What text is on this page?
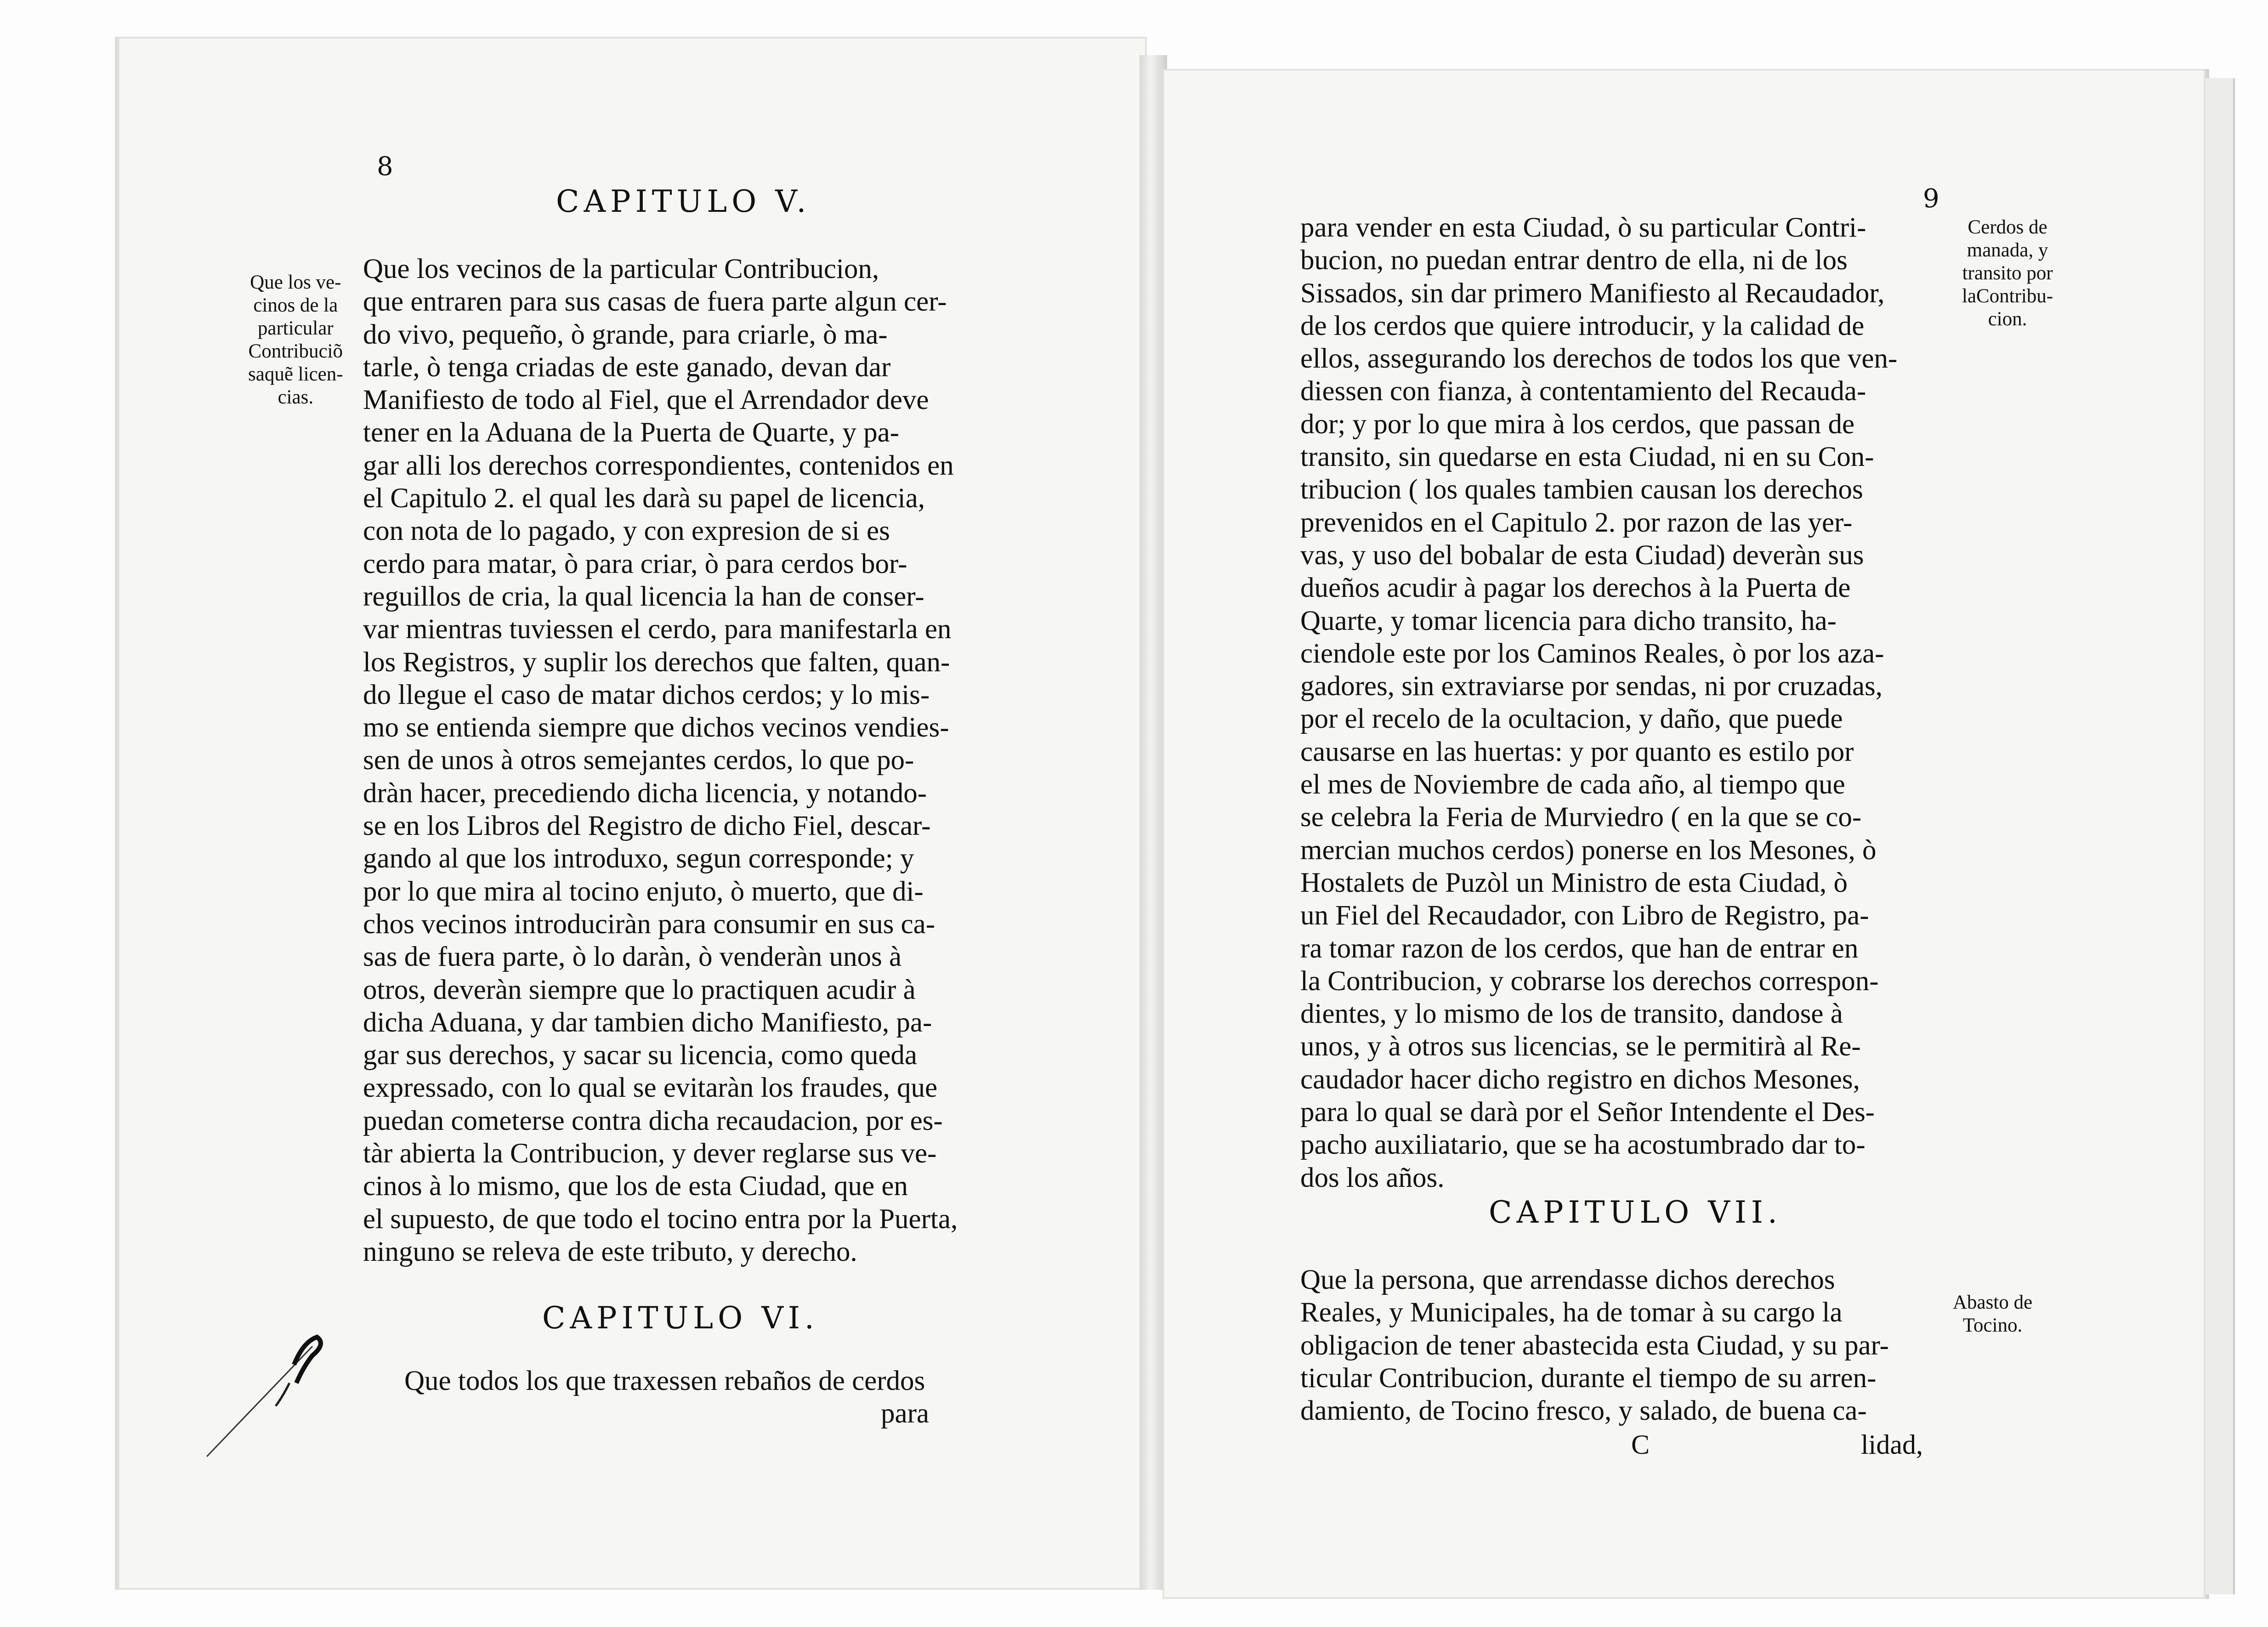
8
CAPITULO V.
Que los ve-
cinos de la
particular
Contribuciõ
saquẽ licen-
cias.
Que los vecinos de la particular Contribucion,
que entraren para sus casas de fuera parte algun cer-
do vivo, pequeño, ò grande, para criarle, ò ma-
tarle, ò tenga criadas de este ganado, devan dar
Manifiesto de todo al Fiel, que el Arrendador deve
tener en la Aduana de la Puerta de Quarte, y pa-
gar alli los derechos correspondientes, contenidos en
el Capitulo 2. el qual les darà su papel de licencia,
con nota de lo pagado, y con expresion de si es
cerdo para matar, ò para criar, ò para cerdos bor-
reguillos de cria, la qual licencia la han de conser-
var mientras tuviessen el cerdo, para manifestarla en
los Registros, y suplir los derechos que falten, quan-
do llegue el caso de matar dichos cerdos; y lo mis-
mo se entienda siempre que dichos vecinos vendies-
sen de unos à otros semejantes cerdos, lo que po-
dràn hacer, precediendo dicha licencia, y notando-
se en los Libros del Registro de dicho Fiel, descar-
gando al que los introduxo, segun corresponde; y
por lo que mira al tocino enjuto, ò muerto, que di-
chos vecinos introduciràn para consumir en sus ca-
sas de fuera parte, ò lo daràn, ò venderàn unos à
otros, deveràn siempre que lo practiquen acudir à
dicha Aduana, y dar tambien dicho Manifiesto, pa-
gar sus derechos, y sacar su licencia, como queda
expressado, con lo qual se evitaràn los fraudes, que
puedan cometerse contra dicha recaudacion, por es-
tàr abierta la Contribucion, y dever reglarse sus ve-
cinos à lo mismo, que los de esta Ciudad, que en
el supuesto, de que todo el tocino entra por la Puerta,
ninguno se releva de este tributo, y derecho.
CAPITULO VI.
Que todos los que traxessen rebaños de cerdos
para
9
Cerdos de
manada, y
transito por
laContribu-
cion.
para vender en esta Ciudad, ò su particular Contri-
bucion, no puedan entrar dentro de ella, ni de los
Sissados, sin dar primero Manifiesto al Recaudador,
de los cerdos que quiere introducir, y la calidad de
ellos, assegurando los derechos de todos los que ven-
diessen con fianza, à contentamiento del Recauda-
dor; y por lo que mira à los cerdos, que passan de
transito, sin quedarse en esta Ciudad, ni en su Con-
tribucion ( los quales tambien causan los derechos
prevenidos en el Capitulo 2. por razon de las yer-
vas, y uso del bobalar de esta Ciudad) deveràn sus
dueños acudir à pagar los derechos à la Puerta de
Quarte, y tomar licencia para dicho transito, ha-
ciendole este por los Caminos Reales, ò por los aza-
gadores, sin extraviarse por sendas, ni por cruzadas,
por el recelo de la ocultacion, y daño, que puede
causarse en las huertas: y por quanto es estilo por
el mes de Noviembre de cada año, al tiempo que
se celebra la Feria de Murviedro ( en la que se co-
mercian muchos cerdos) ponerse en los Mesones, ò
Hostalets de Puzòl un Ministro de esta Ciudad, ò
un Fiel del Recaudador, con Libro de Registro, pa-
ra tomar razon de los cerdos, que han de entrar en
la Contribucion, y cobrarse los derechos correspon-
dientes, y lo mismo de los de transito, dandose à
unos, y à otros sus licencias, se le permitirà al Re-
caudador hacer dicho registro en dichos Mesones,
para lo qual se darà por el Señor Intendente el Des-
pacho auxiliatario, que se ha acostumbrado dar to-
dos los años.
CAPITULO VII.
Abasto de
Tocino.
Que la persona, que arrendasse dichos derechos
Reales, y Municipales, ha de tomar à su cargo la
obligacion de tener abastecida esta Ciudad, y su par-
ticular Contribucion, durante el tiempo de su arren-
damiento, de Tocino fresco, y salado, de buena ca-
C	lidad,
